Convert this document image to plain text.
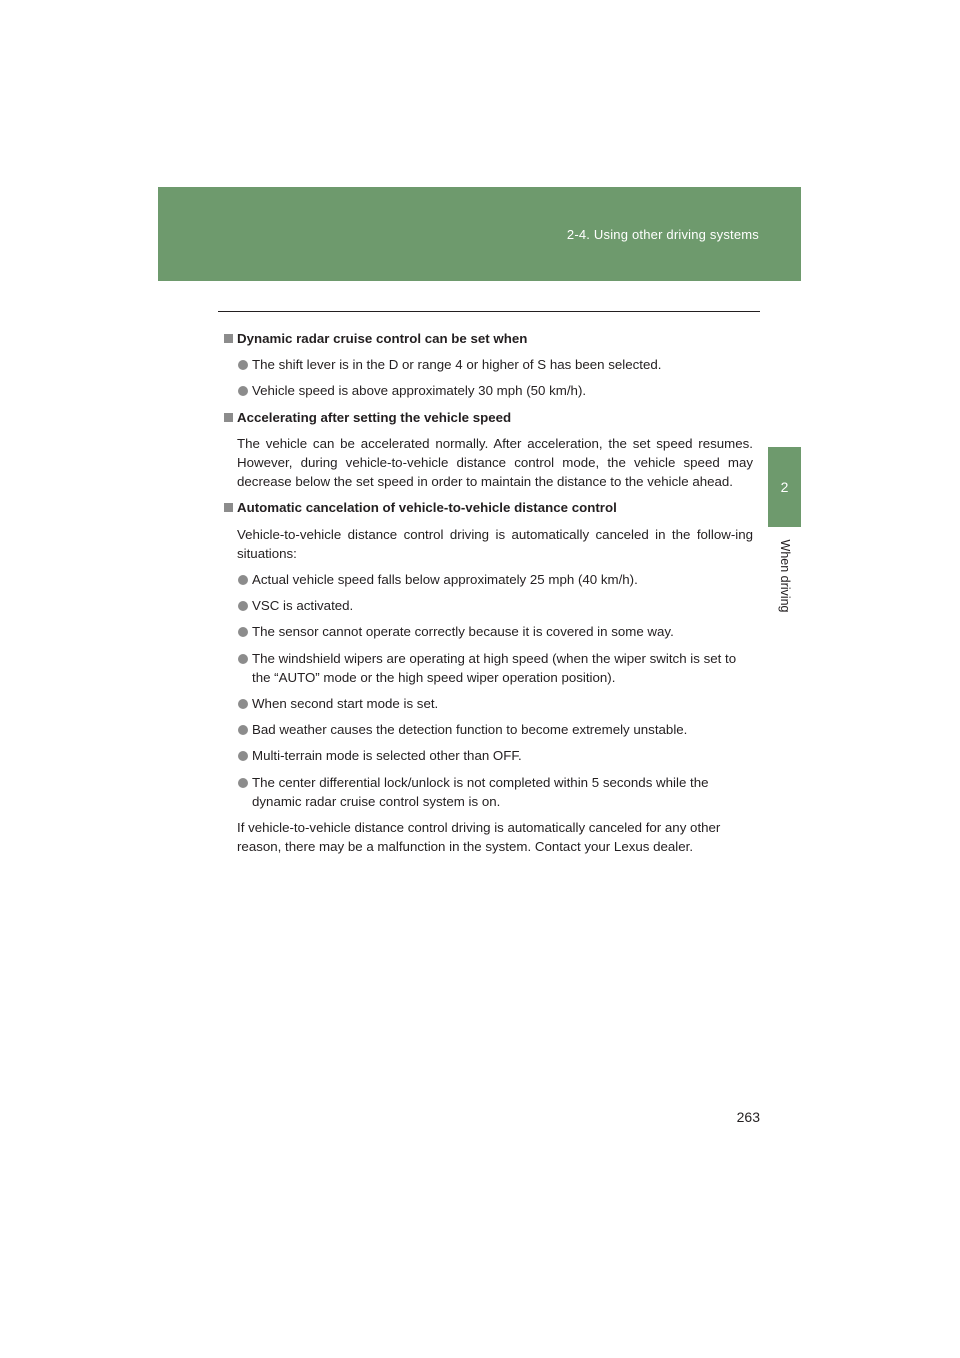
2-4. Using other driving systems
2
When driving
Dynamic radar cruise control can be set when
The shift lever is in the D or range 4 or higher of S has been selected.
Vehicle speed is above approximately 30 mph (50 km/h).
Accelerating after setting the vehicle speed
The vehicle can be accelerated normally. After acceleration, the set speed resumes. However, during vehicle-to-vehicle distance control mode, the vehicle speed may decrease below the set speed in order to maintain the distance to the vehicle ahead.
Automatic cancelation of vehicle-to-vehicle distance control
Vehicle-to-vehicle distance control driving is automatically canceled in the follow-ing situations:
Actual vehicle speed falls below approximately 25 mph (40 km/h).
VSC is activated.
The sensor cannot operate correctly because it is covered in some way.
The windshield wipers are operating at high speed (when the wiper switch is set to the “AUTO” mode or the high speed wiper operation position).
When second start mode is set.
Bad weather causes the detection function to become extremely unstable.
Multi-terrain mode is selected other than OFF.
The center differential lock/unlock is not completed within 5 seconds while the dynamic radar cruise control system is on.
If vehicle-to-vehicle distance control driving is automatically canceled for any other reason, there may be a malfunction in the system. Contact your Lexus dealer.
263
